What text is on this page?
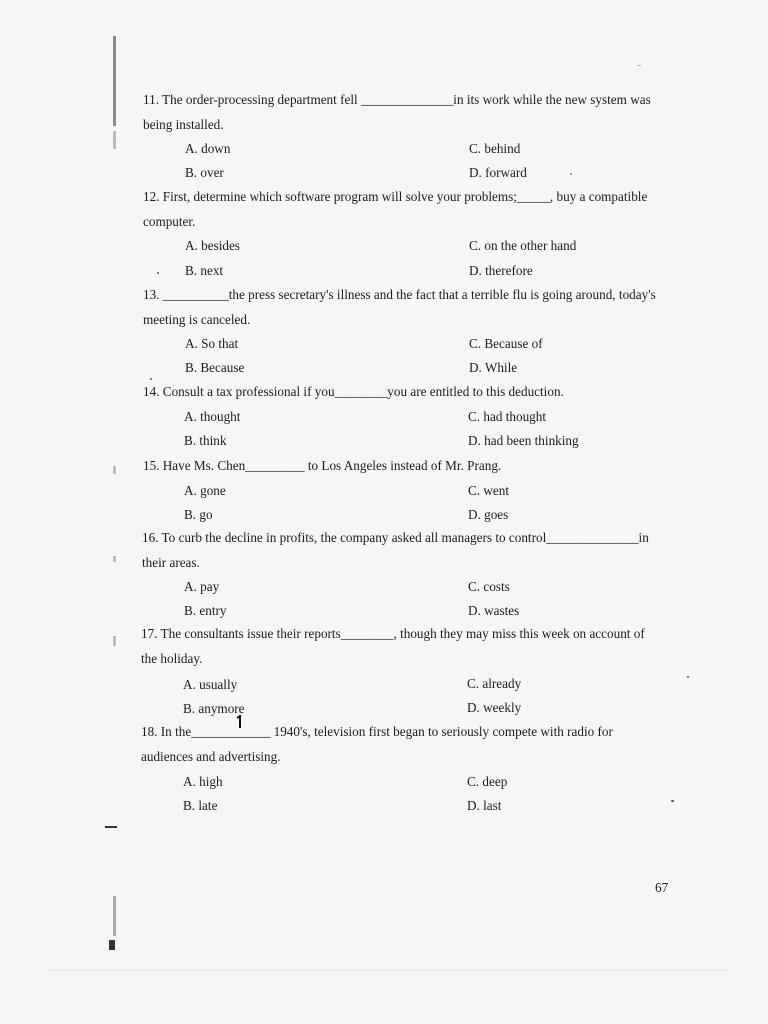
11. The order-processing department fell ______________in its work while the new system was
being installed.
A. down	C. behind
B. over	D. forward
12. First, determine which software program will solve your problems;_____, buy a compatible
computer.
A. besides	C. on the other hand
B. next	D. therefore
13. __________the press secretary's illness and the fact that a terrible flu is going around, today's
meeting is canceled.
A. So that	C. Because of
B. Because	D. While
14. Consult a tax professional if you________you are entitled to this deduction.
A. thought	C. had thought
B. think	D. had been thinking
15. Have Ms. Chen_________ to Los Angeles instead of Mr. Prang.
A. gone	C. went
B. go	D. goes
16. To curb the decline in profits, the company asked all managers to control______________in
their areas.
A. pay	C. costs
B. entry	D. wastes
17. The consultants issue their reports________, though they may miss this week on account of
the holiday.
A. usually	C. already
B. anymore	D. weekly
18. In the____________ 1940's, television first began to seriously compete with radio for
audiences and advertising.
A. high	C. deep
B. late	D. last
67
